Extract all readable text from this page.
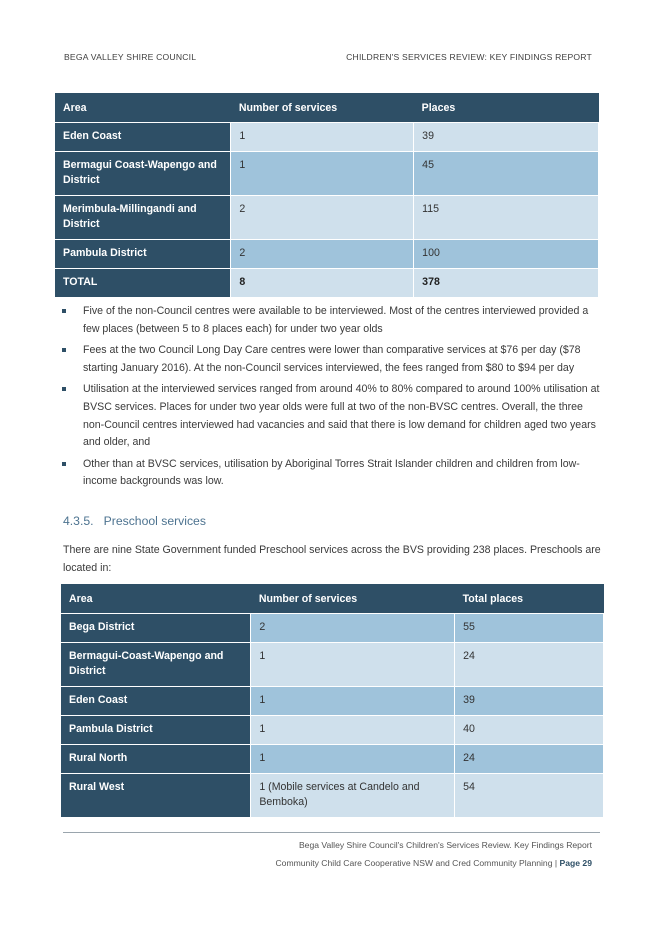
BEGA VALLEY SHIRE COUNCIL	CHILDREN'S SERVICES REVIEW: KEY FINDINGS REPORT
Area	Number of services	Places
Eden Coast	1	39
Bermagui Coast-Wapengo and District	1	45
Merimbula-Millingandi and District	2	115
Pambula District	2	100
TOTAL	8	378
Five of the non-Council centres were available to be interviewed. Most of the centres interviewed provided a few places (between 5 to 8 places each) for under two year olds
Fees at the two Council Long Day Care centres were lower than comparative services at $76 per day ($78 starting January 2016). At the non-Council services interviewed, the fees ranged from $80 to $94 per day
Utilisation at the interviewed services ranged from around 40% to 80% compared to around 100% utilisation at BVSC services. Places for under two year olds were full at two of the non-BVSC centres. Overall, the three non-Council centres interviewed had vacancies and said that there is low demand for children aged two years and older, and
Other than at BVSC services, utilisation by Aboriginal Torres Strait Islander children and children from low-income backgrounds was low.
4.3.5.   Preschool services
There are nine State Government funded Preschool services across the BVS providing 238 places. Preschools are located in:
Area	Number of services	Total places
Bega District	2	55
Bermagui-Coast-Wapengo and District	1	24
Eden Coast	1	39
Pambula District	1	40
Rural North	1	24
Rural West	1 (Mobile services at Candelo and Bemboka)	54
Bega Valley Shire Council's Children's Services Review. Key Findings Report
Community Child Care Cooperative NSW and Cred Community Planning | Page 29
